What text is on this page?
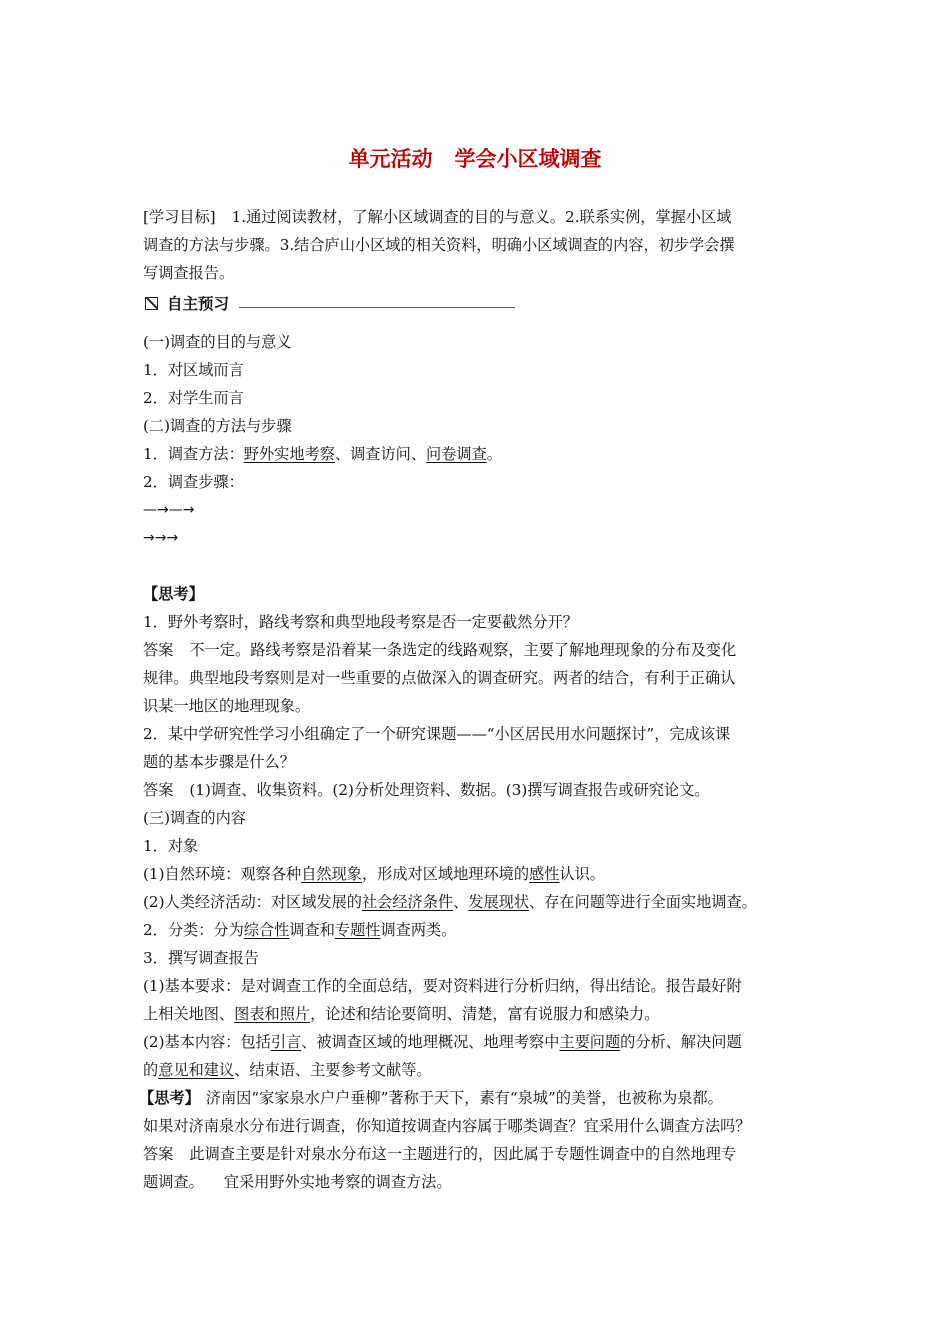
单元活动 学会小区域调查
[学习目标] 1.通过阅读教材，了解小区域调查的目的与意义。2.联系实例，掌握小区域
调查的方法与步骤。3.结合庐山小区域的相关资料，明确小区域调查的内容，初步学会撰
写调查报告。
自主预习
(一)调查的目的与意义
1．对区域而言
2．对学生而言
(二)调查的方法与步骤
1．调查方法：野外实地考察、调查访问、问卷调查。
2．调查步骤：
—→—→
→→→
【思考】
1．野外考察时，路线考察和典型地段考察是否一定要截然分开？
答案 不一定。路线考察是沿着某一条选定的线路观察，主要了解地理现象的分布及变化
规律。典型地段考察则是对一些重要的点做深入的调查研究。两者的结合，有利于正确认
识某一地区的地理现象。
2．某中学研究性学习小组确定了一个研究课题——“小区居民用水问题探讨”，完成该课
题的基本步骤是什么？
答案 (1)调查、收集资料。(2)分析处理资料、数据。(3)撰写调查报告或研究论文。
(三)调查的内容
1．对象
(1)自然环境：观察各种自然现象，形成对区域地理环境的感性认识。
(2)人类经济活动：对区域发展的社会经济条件、发展现状、存在问题等进行全面实地调查。
2．分类：分为综合性调查和专题性调查两类。
3．撰写调查报告
(1)基本要求：是对调查工作的全面总结，要对资料进行分析归纳，得出结论。报告最好附
上相关地图、图表和照片，论述和结论要简明、清楚，富有说服力和感染力。
(2)基本内容：包括引言、被调查区域的地理概况、地理考察中主要问题的分析、解决问题
的意见和建议、结束语、主要参考文献等。
【思考】 济南因“家家泉水户户垂柳”著称于天下，素有“泉城”的美誉，也被称为泉都。
如果对济南泉水分布进行调查，你知道按调查内容属于哪类调查？宜采用什么调查方法吗？
答案 此调查主要是针对泉水分布这一主题进行的，因此属于专题性调查中的自然地理专
题调查。 宜采用野外实地考察的调查方法。
